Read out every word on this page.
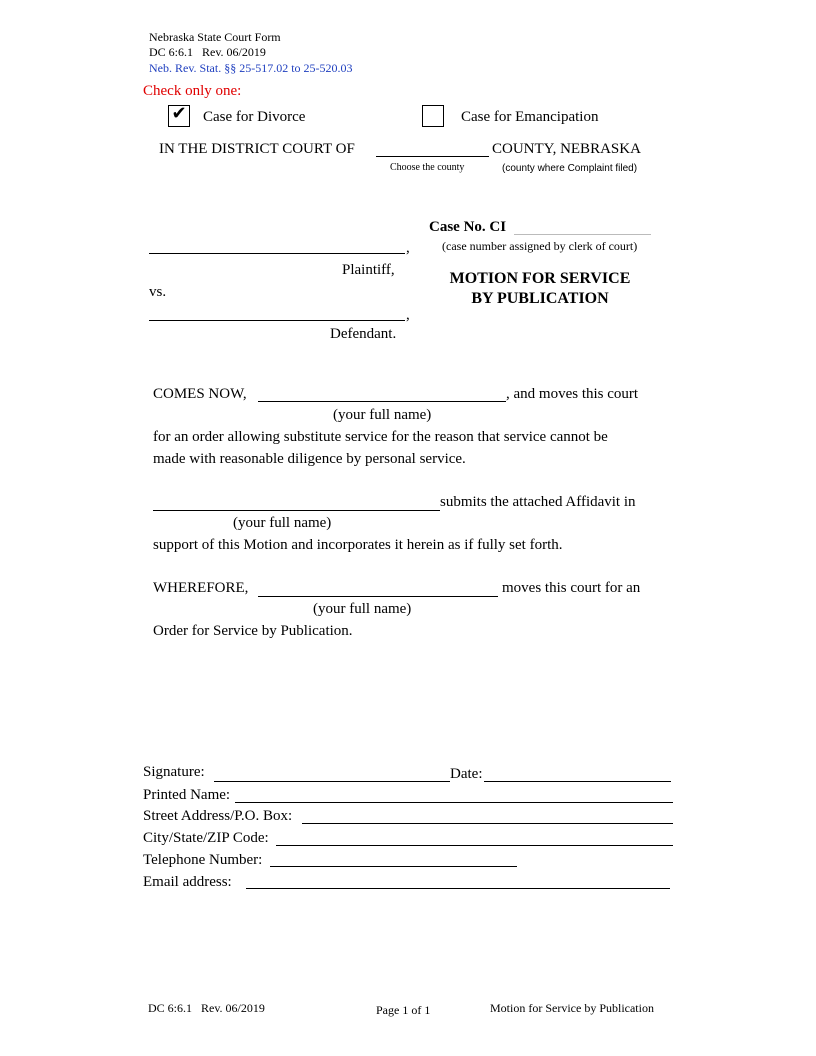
Nebraska State Court Form
DC 6:6.1   Rev. 06/2019
Neb. Rev. Stat. §§ 25-517.02 to 25-520.03
Check only one:
✔ Case for Divorce	Case for Emancipation
IN THE DISTRICT COURT OF	COUNTY, NEBRASKA
Choose the county	(county where Complaint filed)
Case No. CI
(case number assigned by clerk of court)
,
Plaintiff,	MOTION FOR SERVICE
BY PUBLICATION
vs.
,
Defendant.
COMES NOW,	, and moves this court
(your full name)
for an order allowing substitute service for the reason that service cannot be
made with reasonable diligence by personal service.
submits the attached Affidavit in
(your full name)
support of this Motion and incorporates it herein as if fully set forth.
WHEREFORE,	moves this court for an
(your full name)
Order for Service by Publication.
Signature:	Date:
Printed Name:
Street Address/P.O. Box:
City/State/ZIP Code:
Telephone Number:
Email address:
DC 6:6.1   Rev. 06/2019	Page 1 of 1	Motion for Service by Publication
